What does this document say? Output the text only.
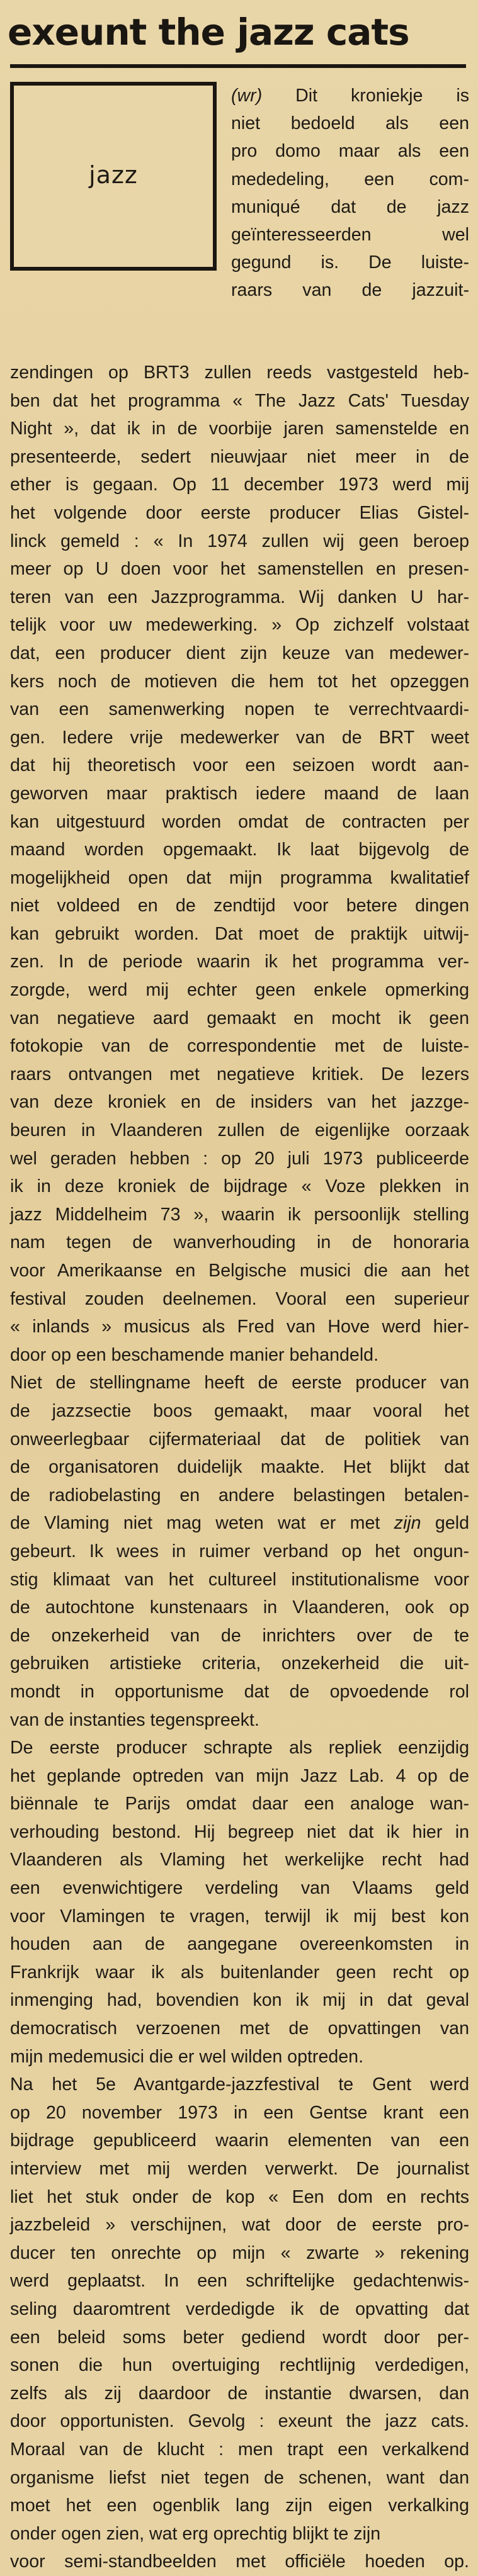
exeunt the jazz cats
jazz

(wr) Dit kroniekje is

niet bedoeld als een

pro domo maar als een

mededeling, een com-

muniqué dat de jazz

geïnteresseerden wel

gegund is. De luiste-

raars van de jazzuit-

zendingen op BRT3 zullen reeds vastgesteld heb-

ben dat het programma « The Jazz Cats' Tuesday

Night », dat ik in de voorbije jaren samenstelde en

presenteerde, sedert nieuwjaar niet meer in de

ether is gegaan. Op 11 december 1973 werd mij

het volgende door eerste producer Elias Gistel-

linck gemeld : « In 1974 zullen wij geen beroep

meer op U doen voor het samenstellen en presen-

teren van een Jazzprogramma. Wij danken U har-

telijk voor uw medewerking. » Op zichzelf volstaat

dat, een producer dient zijn keuze van medewer-

kers noch de motieven die hem tot het opzeggen

van een samenwerking nopen te verrechtvaardi-

gen. Iedere vrije medewerker van de BRT weet

dat hij theoretisch voor een seizoen wordt aan-

geworven maar praktisch iedere maand de laan

kan uitgestuurd worden omdat de contracten per

maand worden opgemaakt. Ik laat bijgevolg de

mogelijkheid open dat mijn programma kwalitatief

niet voldeed en de zendtijd voor betere dingen

kan gebruikt worden. Dat moet de praktijk uitwij-

zen. In de periode waarin ik het programma ver-

zorgde, werd mij echter geen enkele opmerking

van negatieve aard gemaakt en mocht ik geen

fotokopie van de correspondentie met de luiste-

raars ontvangen met negatieve kritiek. De lezers

van deze kroniek en de insiders van het jazzge-

beuren in Vlaanderen zullen de eigenlijke oorzaak

wel geraden hebben : op 20 juli 1973 publiceerde

ik in deze kroniek de bijdrage « Voze plekken in

jazz Middelheim 73 », waarin ik persoonlijk stelling

nam tegen de wanverhouding in de honoraria

voor Amerikaanse en Belgische musici die aan het

festival zouden deelnemen. Vooral een superieur

« inlands » musicus als Fred van Hove werd hier-

door op een beschamende manier behandeld.

Niet de stellingname heeft de eerste producer van

de jazzsectie boos gemaakt, maar vooral het

onweerlegbaar cijfermateriaal dat de politiek van

de organisatoren duidelijk maakte. Het blijkt dat

de radiobelasting en andere belastingen betalen-

de Vlaming niet mag weten wat er met zijn geld

gebeurt. Ik wees in ruimer verband op het ongun-

stig klimaat van het cultureel institutionalisme voor

de autochtone kunstenaars in Vlaanderen, ook op

de onzekerheid van de inrichters over de te

gebruiken artistieke criteria, onzekerheid die uit-

mondt in opportunisme dat de opvoedende rol

van de instanties tegenspreekt.

De eerste producer schrapte als repliek eenzijdig

het geplande optreden van mijn Jazz Lab. 4 op de

biënnale te Parijs omdat daar een analoge wan-

verhouding bestond. Hij begreep niet dat ik hier in

Vlaanderen als Vlaming het werkelijke recht had

een evenwichtigere verdeling van Vlaams geld

voor Vlamingen te vragen, terwijl ik mij best kon

houden aan de aangegane overeenkomsten in

Frankrijk waar ik als buitenlander geen recht op

inmenging had, bovendien kon ik mij in dat geval

democratisch verzoenen met de opvattingen van

mijn medemusici die er wel wilden optreden.

Na het 5e Avantgarde-jazzfestival te Gent werd

op 20 november 1973 in een Gentse krant een

bijdrage gepubliceerd waarin elementen van een

interview met mij werden verwerkt. De journalist

liet het stuk onder de kop « Een dom en rechts

jazzbeleid » verschijnen, wat door de eerste pro-

ducer ten onrechte op mijn « zwarte » rekening

werd geplaatst. In een schriftelijke gedachtenwis-

seling daaromtrent verdedigde ik de opvatting dat

een beleid soms beter gediend wordt door per-

sonen die hun overtuiging rechtlijnig verdedigen,

zelfs als zij daardoor de instantie dwarsen, dan

door opportunisten. Gevolg : exeunt the jazz cats.

Moraal van de klucht : men trapt een verkalkend

organisme liefst niet tegen de schenen, want dan

moet het een ogenblik lang zijn eigen verkalking

onder ogen zien, wat erg oprechtig blijkt te zijn

voor semi-standbeelden met officiële hoeden op.
